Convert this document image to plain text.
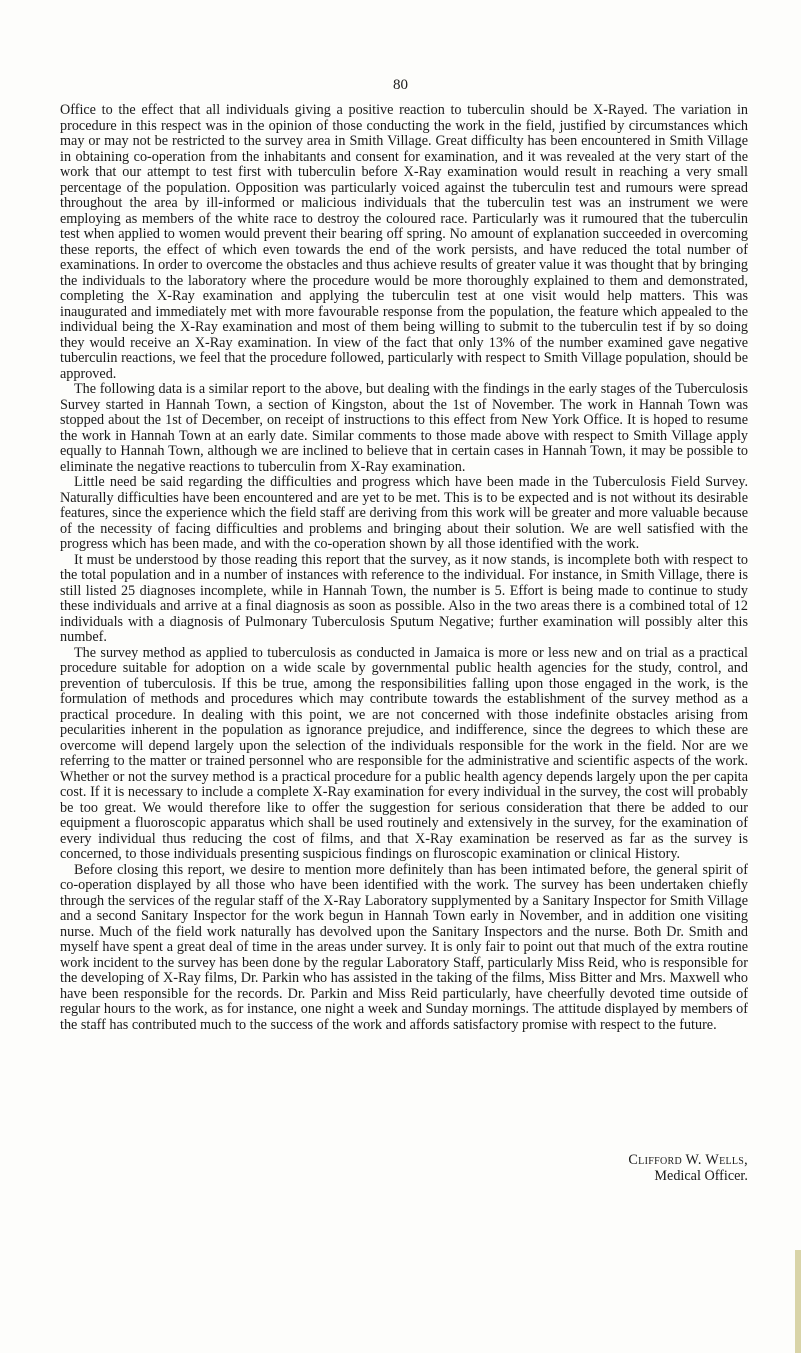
80

Office to the effect that all individuals giving a positive reaction to tuberculin should be X-Rayed. The variation in procedure in this respect was in the opinion of those conducting the work in the field, justified by circumstances which may or may not be restricted to the survey area in Smith Village. Great difficulty has been encountered in Smith Village in obtaining co-operation from the inhabitants and consent for examination, and it was revealed at the very start of the work that our attempt to test first with tuberculin before X-Ray examination would result in reaching a very small percentage of the population. Opposition was particularly voiced against the tuberculin test and rumours were spread throughout the area by ill-informed or malicious individuals that the tuberculin test was an instrument we were employing as members of the white race to destroy the coloured race. Particularly was it rumoured that the tuberculin test when applied to women would prevent their bearing off spring. No amount of explanation succeeded in overcoming these reports, the effect of which even towards the end of the work persists, and have reduced the total number of examinations. In order to overcome the obstacles and thus achieve results of greater value it was thought that by bringing the individuals to the laboratory where the procedure would be more thoroughly explained to them and demonstrated, completing the X-Ray examination and applying the tuberculin test at one visit would help matters. This was inaugurated and immediately met with more favourable response from the population, the feature which appealed to the individual being the X-Ray examination and most of them being willing to submit to the tuberculin test if by so doing they would receive an X-Ray examination. In view of the fact that only 13% of the number examined gave negative tuberculin reactions, we feel that the procedure followed, particularly with respect to Smith Village population, should be approved.

The following data is a similar report to the above, but dealing with the findings in the early stages of the Tuberculosis Survey started in Hannah Town, a section of Kingston, about the 1st of November. The work in Hannah Town was stopped about the 1st of December, on receipt of instructions to this effect from New York Office. It is hoped to resume the work in Hannah Town at an early date. Similar comments to those made above with respect to Smith Village apply equally to Hannah Town, although we are inclined to believe that in certain cases in Hannah Town, it may be possible to eliminate the negative reactions to tuberculin from X-Ray examination.

Little need be said regarding the difficulties and progress which have been made in the Tuberculosis Field Survey. Naturally difficulties have been encountered and are yet to be met. This is to be expected and is not without its desirable features, since the experience which the field staff are deriving from this work will be greater and more valuable because of the necessity of facing difficulties and problems and bringing about their solution. We are well satisfied with the progress which has been made, and with the co-operation shown by all those identified with the work.

It must be understood by those reading this report that the survey, as it now stands, is incomplete both with respect to the total population and in a number of instances with reference to the individual. For instance, in Smith Village, there is still listed 25 diagnoses incomplete, while in Hannah Town, the number is 5. Effort is being made to continue to study these individuals and arrive at a final diagnosis as soon as possible. Also in the two areas there is a combined total of 12 individuals with a diagnosis of Pulmonary Tuberculosis Sputum Negative; further examination will possibly alter this numbef.

The survey method as applied to tuberculosis as conducted in Jamaica is more or less new and on trial as a practical procedure suitable for adoption on a wide scale by governmental public health agencies for the study, control, and prevention of tuberculosis. If this be true, among the responsibilities falling upon those engaged in the work, is the formulation of methods and procedures which may contribute towards the establishment of the survey method as a practical procedure. In dealing with this point, we are not concerned with those indefinite obstacles arising from pecularities inherent in the population as ignorance prejudice, and indifference, since the degrees to which these are overcome will depend largely upon the selection of the individuals responsible for the work in the field. Nor are we referring to the matter or trained personnel who are responsible for the administrative and scientific aspects of the work. Whether or not the survey method is a practical procedure for a public health agency depends largely upon the per capita cost. If it is necessary to include a complete X-Ray examination for every individual in the survey, the cost will probably be too great. We would therefore like to offer the suggestion for serious consideration that there be added to our equipment a fluoroscopic apparatus which shall be used routinely and extensively in the survey, for the examination of every individual thus reducing the cost of films, and that X-Ray examination be reserved as far as the survey is concerned, to those individuals presenting suspicious findings on fluroscopic examination or clinical History.

Before closing this report, we desire to mention more definitely than has been intimated before, the general spirit of co-operation displayed by all those who have been identified with the work. The survey has been undertaken chiefly through the services of the regular staff of the X-Ray Laboratory supplymented by a Sanitary Inspector for Smith Village and a second Sanitary Inspector for the work begun in Hannah Town early in November, and in addition one visiting nurse. Much of the field work naturally has devolved upon the Sanitary Inspectors and the nurse. Both Dr. Smith and myself have spent a great deal of time in the areas under survey. It is only fair to point out that much of the extra routine work incident to the survey has been done by the regular Laboratory Staff, particularly Miss Reid, who is responsible for the developing of X-Ray films, Dr. Parkin who has assisted in the taking of the films, Miss Bitter and Mrs. Maxwell who have been responsible for the records. Dr. Parkin and Miss Reid particularly, have cheerfully devoted time outside of regular hours to the work, as for instance, one night a week and Sunday mornings. The attitude displayed by members of the staff has contributed much to the success of the work and affords satisfactory promise with respect to the future.

Clifford W. Wells,
Medical Officer.
